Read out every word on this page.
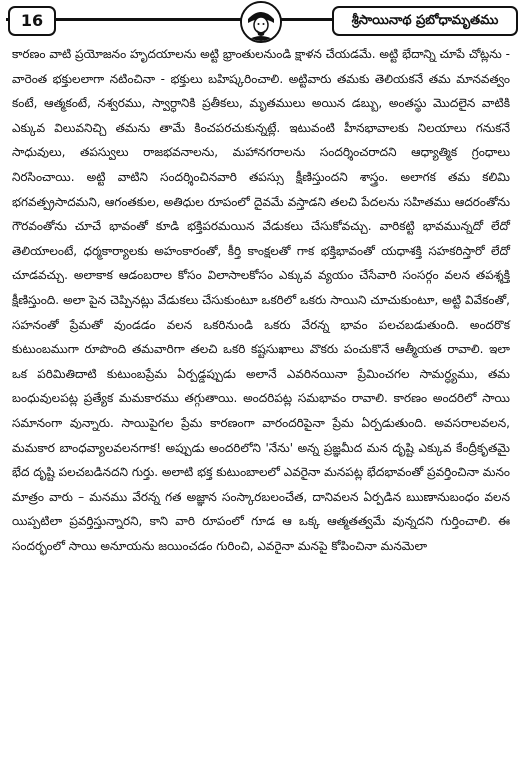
16	శ్రీసాయినాథ ప్రబోధామృతము

కారణం వాటి ప్రయోజనం హృదయాలను అట్టి భ్రాంతులనుండి క్షాళన చేయడమే. అట్టి భేదాన్ని చూపే చోట్లను - వారెంత భక్తులలాగా నటించినా - భక్తులు బహిష్కరించాలి. అట్టివారు తమకు తెలియకనే తమ మానవత్వం కంటే, ఆత్మకంటే, నశ్వరము, స్వార్ధానికి ప్రతీకలు, మృతములు అయిన డబ్బు, అంతస్థు మొదలైన వాటికి ఎక్కువ విలువనిచ్చి తమను తామే కించపరచుకున్నట్లే. ఇటువంటి హీనభావాలకు నిలయాలు గనుకనే సాధువులు, తపస్వులు రాజభవనాలను, మహానగరాలను సందర్శించరాదని ఆధ్యాత్మిక గ్రంధాలు నిరసించాయి. అట్టి వాటిని సందర్శించినవారి తపస్సు క్షీణిస్తుందని శాస్త్రం. అలాగక తమ కలిమి భగవత్ప్రసాదమని, ఆగంతకుల, అతిధుల రూపంలో దైవమే వస్తాడని తలచి పేదలను సహితము ఆదరంతోను గౌరవంతోను చూచే భావంతో కూడి భక్తిపరమయిన వేడుకలు చేసుకోవచ్చు. వారికట్టి భావమున్నదో లేదో తెలియాలంటే, ధర్మకార్యాలకు అహంకారంతో, కీర్తి కాంక్షలతో గాక భక్తిభావంతో యధాశక్తి సహకరిస్తారో లేదో చూడవచ్చు. అలాకాక ఆడంబరాల కోసం విలాసాలకోసం ఎక్కువ వ్యయం చేసేవారి సంసర్గం వలన తపశ్శక్తి క్షీణిస్తుంది. అలా పైన చెప్పినట్లు వేడుకలు చేసుకుంటూ ఒకరిలో ఒకరు సాయిని చూచుకుంటూ, అట్టి వివేకంతో, సహనంతో ప్రేమతో వుండడం వలన ఒకరినుండి ఒకరు వేరన్న భావం పలచబడుతుంది. అందరొక కుటుంబముగా రూపొంది తమవారిగా తలచి ఒకరి కష్టసుఖాలు వొకరు పంచుకొనే ఆత్మీయత రావాలి. ఇలా ఒక పరిమితిదాటి కుటుంబప్రేమ ఏర్పడ్డప్పుడు అలానే ఎవరినయినా ప్రేమించగల సామర్ధ్యము, తమ బంధువులపట్ల ప్రత్యేక మమకారము తగ్గుతాయి. అందరిపట్ల సమభావం రావాలి. కారణం అందరిలో సాయి సమానంగా వున్నారు. సాయిపైగల ప్రేమ కారణంగా వారందరిపైనా ప్రేమ ఏర్పడుతుంది. అవసరాలవలన, మమకార బాంధవ్యాలవలనగాక! అప్పుడు అందరిలోని 'నేను' అన్న ప్రజ్ఞమీద మన దృష్టి ఎక్కువ కేంద్రీకృతమై భేద దృష్టి పలచబడినదని గుర్తు. అలాటి భక్త కుటుంబాలలో ఎవరైనా మనపట్ల భేదభావంతో ప్రవర్తించినా మనం మాత్రం వారు – మనము వేరన్న గత అజ్ఞాన సంస్కారబలంచేత, దానివలన ఏర్పడిన ఋణానుబంధం వలన యిప్పటిలా ప్రవర్తిస్తున్నారని, కాని వారి రూపంలో గూడ ఆ ఒక్క ఆత్మతత్వమే వున్నదని గుర్తించాలి. ఈ సందర్భంలో సాయి అనూయను జయించడం గురించి, ఎవరైనా మనపై కోపించినా మనమెలా
